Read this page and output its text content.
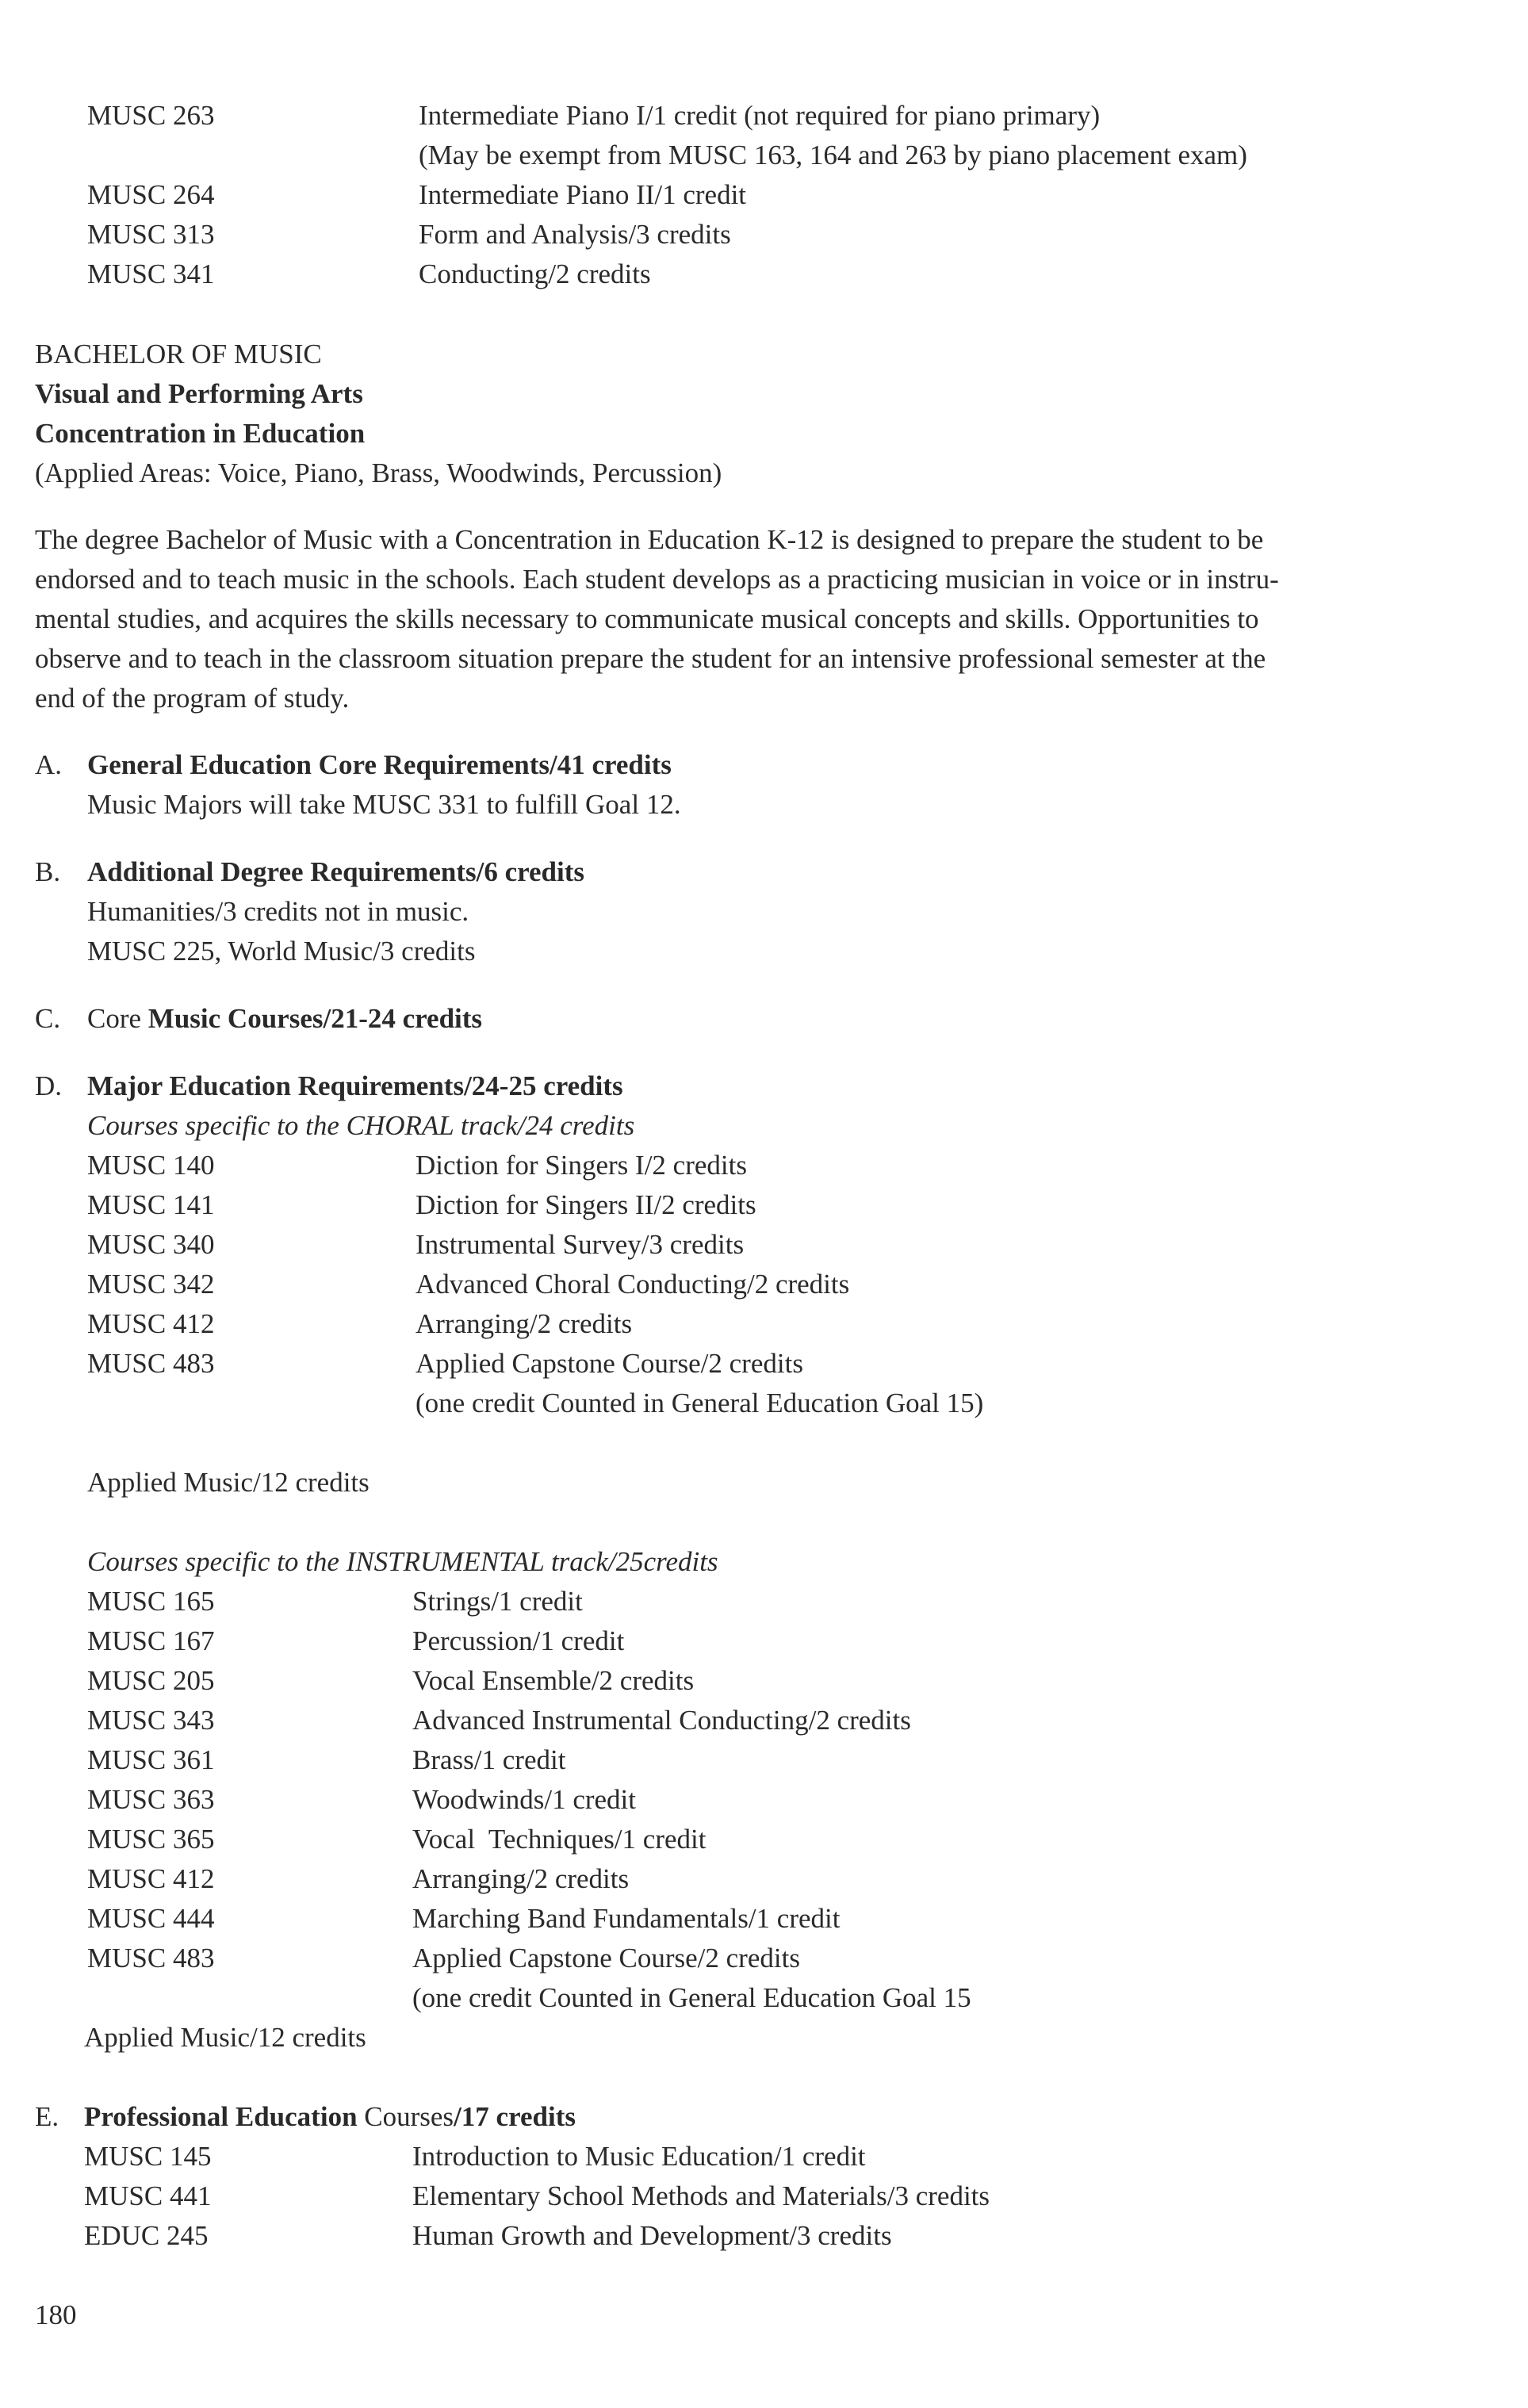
MUSC 263	Intermediate Piano I/1 credit (not required for piano primary)
(May be exempt from MUSC 163, 164 and 263 by piano placement exam)
MUSC 264	Intermediate Piano II/1 credit
MUSC 313	Form and Analysis/3 credits
MUSC 341	Conducting/2 credits
BACHELOR OF MUSIC
Visual and Performing Arts
Concentration in Education
(Applied Areas: Voice, Piano, Brass, Woodwinds, Percussion)
The degree Bachelor of Music with a Concentration in Education K-12 is designed to prepare the student to be
endorsed and to teach music in the schools. Each student develops as a practicing musician in voice or in instru-
mental studies, and acquires the skills necessary to communicate musical concepts and skills. Opportunities to
observe and to teach in the classroom situation prepare the student for an intensive professional semester at the
end of the program of study.
A. General Education Core Requirements/41 credits
Music Majors will take MUSC 331 to fulfill Goal 12.
B. Additional Degree Requirements/6 credits
Humanities/3 credits not in music.
MUSC 225, World Music/3 credits
C. Core Music Courses/21-24 credits
D. Major Education Requirements/24-25 credits
Courses specific to the CHORAL track/24 credits
MUSC 140	Diction for Singers I/2 credits
MUSC 141	Diction for Singers II/2 credits
MUSC 340	Instrumental Survey/3 credits
MUSC 342	Advanced Choral Conducting/2 credits
MUSC 412	Arranging/2 credits
MUSC 483	Applied Capstone Course/2 credits
(one credit Counted in General Education Goal 15)
Applied Music/12 credits
Courses specific to the INSTRUMENTAL track/25credits
MUSC 165	Strings/1 credit
MUSC 167	Percussion/1 credit
MUSC 205	Vocal Ensemble/2 credits
MUSC 343	Advanced Instrumental Conducting/2 credits
MUSC 361	Brass/1 credit
MUSC 363	Woodwinds/1 credit
MUSC 365	Vocal  Techniques/1 credit
MUSC 412	Arranging/2 credits
MUSC 444	Marching Band Fundamentals/1 credit
MUSC 483	Applied Capstone Course/2 credits
(one credit Counted in General Education Goal 15
Applied Music/12 credits
E. Professional Education Courses/17 credits
MUSC 145	Introduction to Music Education/1 credit
MUSC 441	Elementary School Methods and Materials/3 credits
EDUC 245	Human Growth and Development/3 credits
180
